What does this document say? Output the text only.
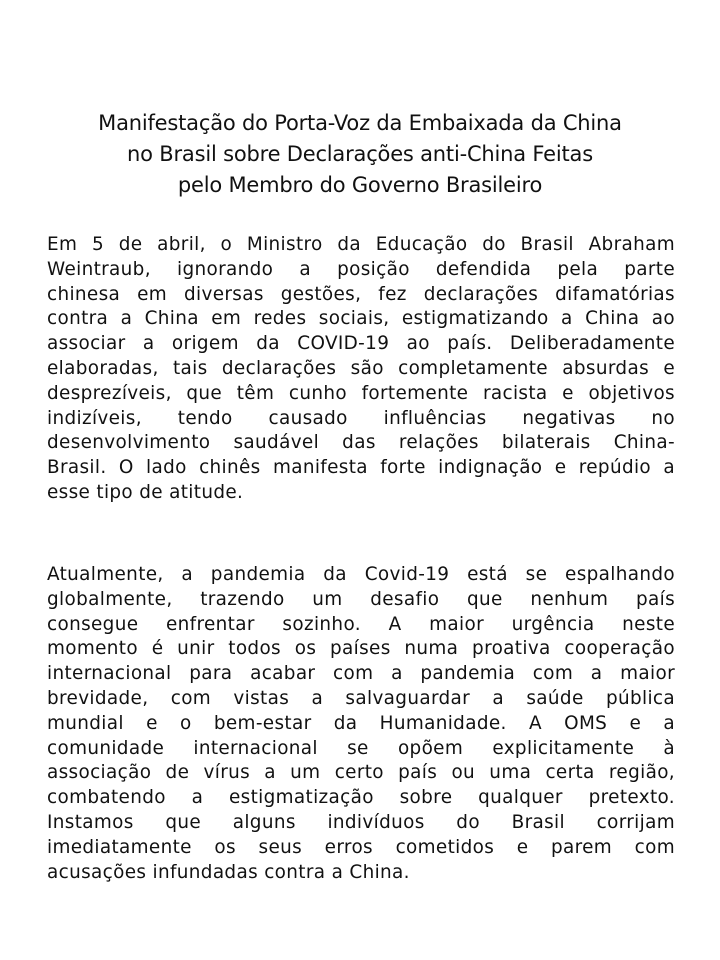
Manifestação do Porta-Voz da Embaixada da China
no Brasil sobre Declarações anti-China Feitas
pelo Membro do Governo Brasileiro
Em 5 de abril, o Ministro da Educação do Brasil Abraham
Weintraub, ignorando a posição defendida pela parte
chinesa em diversas gestões, fez declarações difamatórias
contra a China em redes sociais, estigmatizando a China ao
associar a origem da COVID-19 ao país. Deliberadamente
elaboradas, tais declarações são completamente absurdas e
desprezíveis, que têm cunho fortemente racista e objetivos
indizíveis, tendo causado influências negativas no
desenvolvimento saudável das relações bilaterais China-
Brasil. O lado chinês manifesta forte indignação e repúdio a
esse tipo de atitude.
Atualmente, a pandemia da Covid-19 está se espalhando
globalmente, trazendo um desafio que nenhum país
consegue enfrentar sozinho. A maior urgência neste
momento é unir todos os países numa proativa cooperação
internacional para acabar com a pandemia com a maior
brevidade, com vistas a salvaguardar a saúde pública
mundial e o bem-estar da Humanidade. A OMS e a
comunidade internacional se opõem explicitamente à
associação de vírus a um certo país ou uma certa região,
combatendo a estigmatização sobre qualquer pretexto.
Instamos que alguns indivíduos do Brasil corrijam
imediatamente os seus erros cometidos e parem com
acusações infundadas contra a China.
